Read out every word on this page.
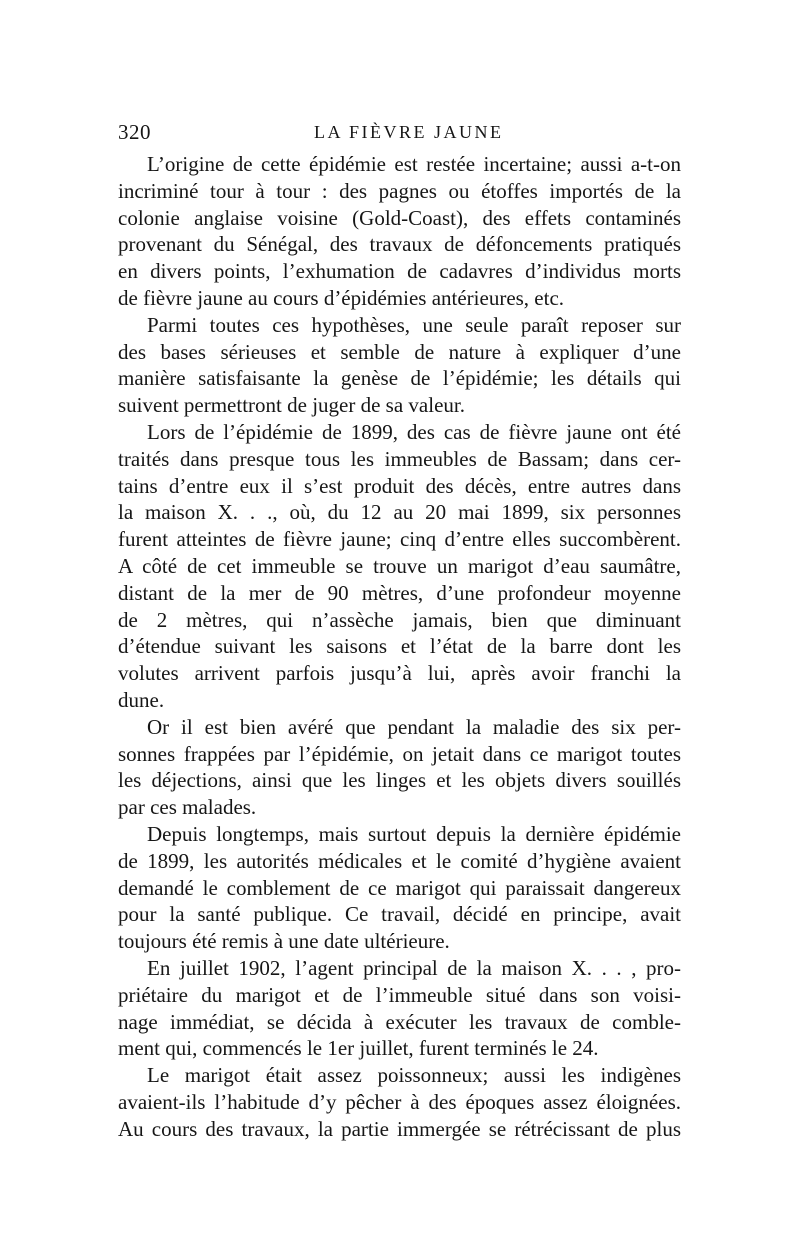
320	LA FIÈVRE JAUNE
L’origine de cette épidémie est restée incertaine; aussi a-t-on
incriminé tour à tour : des pagnes ou étoffes importés de la
colonie anglaise voisine (Gold-Coast), des effets contaminés
provenant du Sénégal, des travaux de défoncements pratiqués
en divers points, l’exhumation de cadavres d’individus morts
de fièvre jaune au cours d’épidémies antérieures, etc.
Parmi toutes ces hypothèses, une seule paraît reposer sur
des bases sérieuses et semble de nature à expliquer d’une
manière satisfaisante la genèse de l’épidémie; les détails qui
suivent permettront de juger de sa valeur.
Lors de l’épidémie de 1899, des cas de fièvre jaune ont été
traités dans presque tous les immeubles de Bassam; dans cer-
tains d’entre eux il s’est produit des décès, entre autres dans
la maison X. . ., où, du 12 au 20 mai 1899, six personnes
furent atteintes de fièvre jaune; cinq d’entre elles succombèrent.
A côté de cet immeuble se trouve un marigot d’eau saumâtre,
distant de la mer de 90 mètres, d’une profondeur moyenne
de 2 mètres, qui n’assèche jamais, bien que diminuant
d’étendue suivant les saisons et l’état de la barre dont les
volutes arrivent parfois jusqu’à lui, après avoir franchi la
dune.
Or il est bien avéré que pendant la maladie des six per-
sonnes frappées par l’épidémie, on jetait dans ce marigot toutes
les déjections, ainsi que les linges et les objets divers souillés
par ces malades.
Depuis longtemps, mais surtout depuis la dernière épidémie
de 1899, les autorités médicales et le comité d’hygiène avaient
demandé le comblement de ce marigot qui paraissait dangereux
pour la santé publique. Ce travail, décidé en principe, avait
toujours été remis à une date ultérieure.
En juillet 1902, l’agent principal de la maison X. . . , pro-
priétaire du marigot et de l’immeuble situé dans son voisi-
nage immédiat, se décida à exécuter les travaux de comble-
ment qui, commencés le 1er juillet, furent terminés le 24.
Le marigot était assez poissonneux; aussi les indigènes
avaient-ils l’habitude d’y pêcher à des époques assez éloignées.
Au cours des travaux, la partie immergée se rétrécissant de plus
